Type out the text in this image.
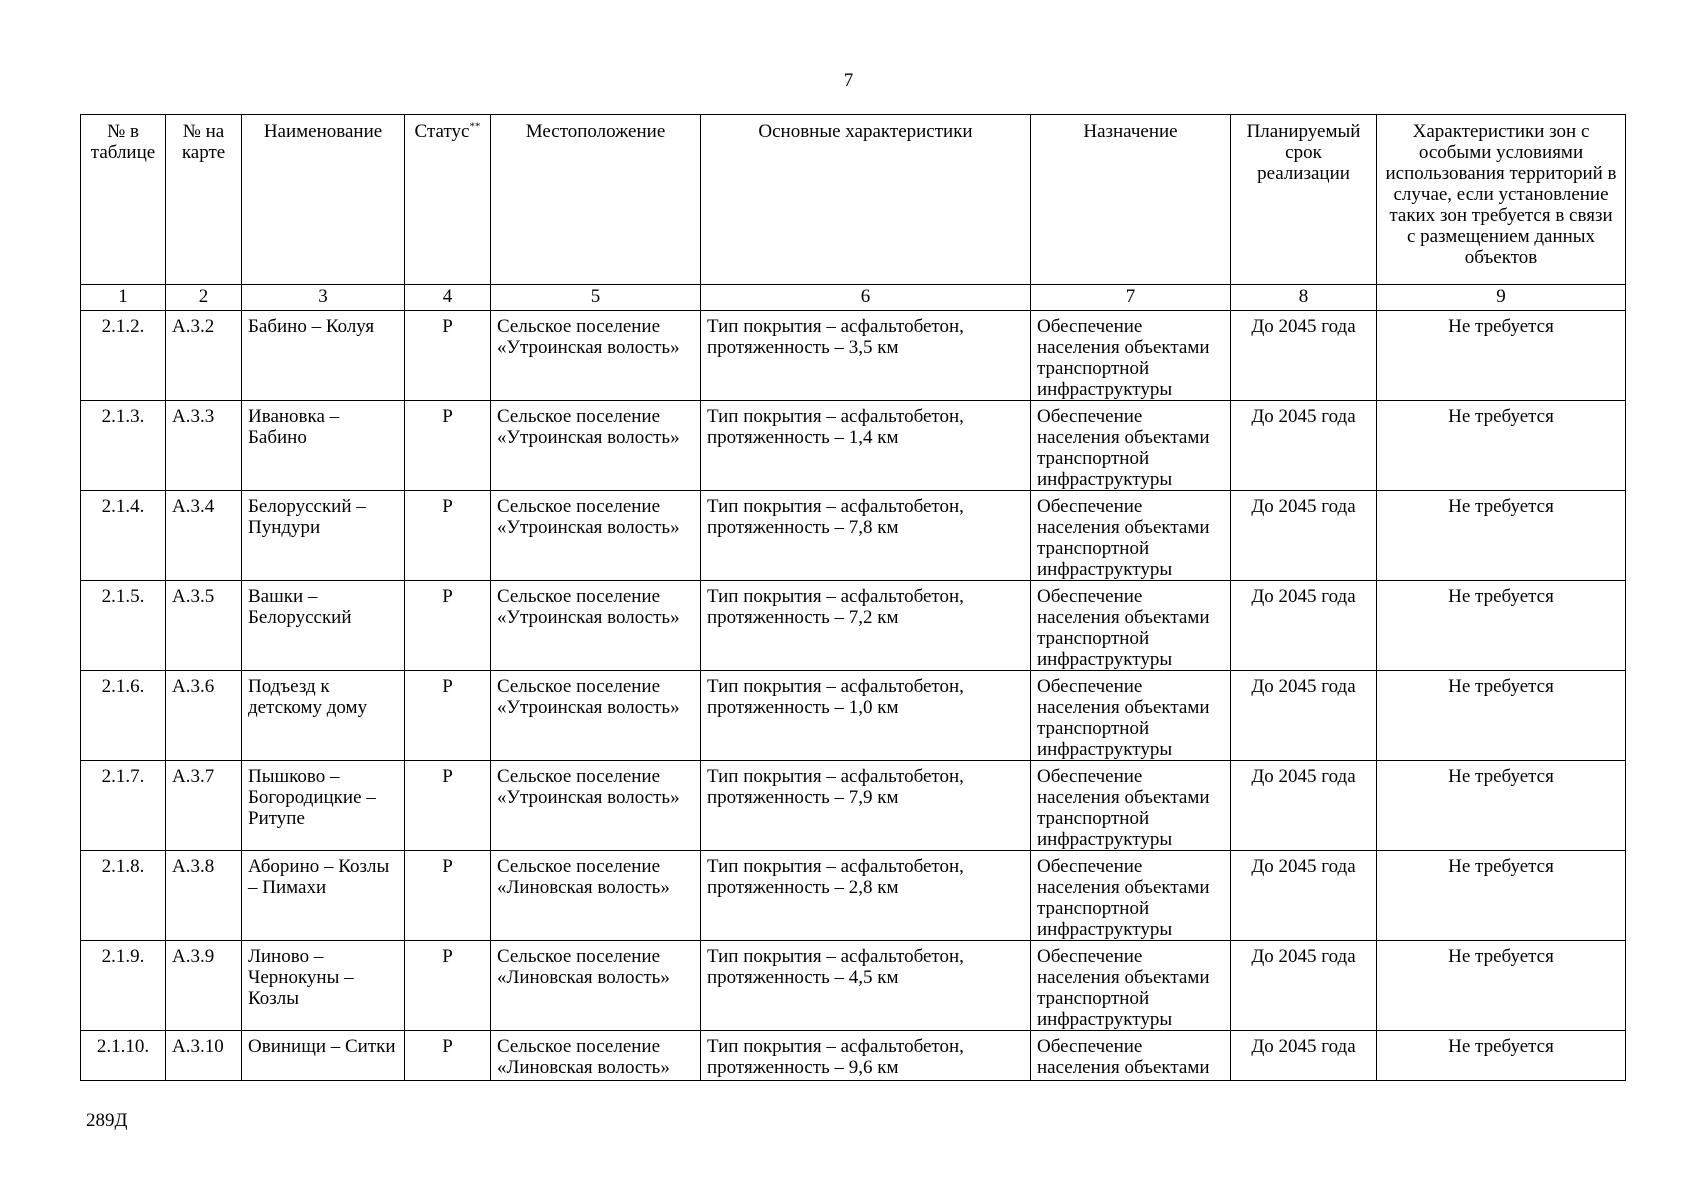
7
№ в таблице	№ на карте	Наименование	Статус**	Местоположение	Основные характеристики	Назначение	Планируемый срок реализации	Характеристики зон с особыми условиями использования территорий в случае, если установление таких зон требуется в связи с размещением данных объектов
1	2	3	4	5	6	7	8	9
2.1.2.	А.3.2	Бабино – Колуя	Р	Сельское поселение «Утроинская волость»	Тип покрытия – асфальтобетон, протяженность – 3,5 км	Обеспечение населения объектами транспортной инфраструктуры	До 2045 года	Не требуется
2.1.3.	А.3.3	Ивановка – Бабино	Р	Сельское поселение «Утроинская волость»	Тип покрытия – асфальтобетон, протяженность – 1,4 км	Обеспечение населения объектами транспортной инфраструктуры	До 2045 года	Не требуется
2.1.4.	А.3.4	Белорусский – Пундури	Р	Сельское поселение «Утроинская волость»	Тип покрытия – асфальтобетон, протяженность – 7,8 км	Обеспечение населения объектами транспортной инфраструктуры	До 2045 года	Не требуется
2.1.5.	А.3.5	Вашки – Белорусский	Р	Сельское поселение «Утроинская волость»	Тип покрытия – асфальтобетон, протяженность – 7,2 км	Обеспечение населения объектами транспортной инфраструктуры	До 2045 года	Не требуется
2.1.6.	А.3.6	Подъезд к детскому дому	Р	Сельское поселение «Утроинская волость»	Тип покрытия – асфальтобетон, протяженность – 1,0 км	Обеспечение населения объектами транспортной инфраструктуры	До 2045 года	Не требуется
2.1.7.	А.3.7	Пышково – Богородицкие – Ритупе	Р	Сельское поселение «Утроинская волость»	Тип покрытия – асфальтобетон, протяженность – 7,9 км	Обеспечение населения объектами транспортной инфраструктуры	До 2045 года	Не требуется
2.1.8.	А.3.8	Аборино – Козлы – Пимахи	Р	Сельское поселение «Линовская волость»	Тип покрытия – асфальтобетон, протяженность – 2,8 км	Обеспечение населения объектами транспортной инфраструктуры	До 2045 года	Не требуется
2.1.9.	А.3.9	Линово – Чернокуны – Козлы	Р	Сельское поселение «Линовская волость»	Тип покрытия – асфальтобетон, протяженность – 4,5 км	Обеспечение населения объектами транспортной инфраструктуры	До 2045 года	Не требуется
2.1.10.	А.3.10	Овинищи – Ситки	Р	Сельское поселение «Линовская волость»	Тип покрытия – асфальтобетон, протяженность – 9,6 км	Обеспечение населения объектами	До 2045 года	Не требуется
289Д
